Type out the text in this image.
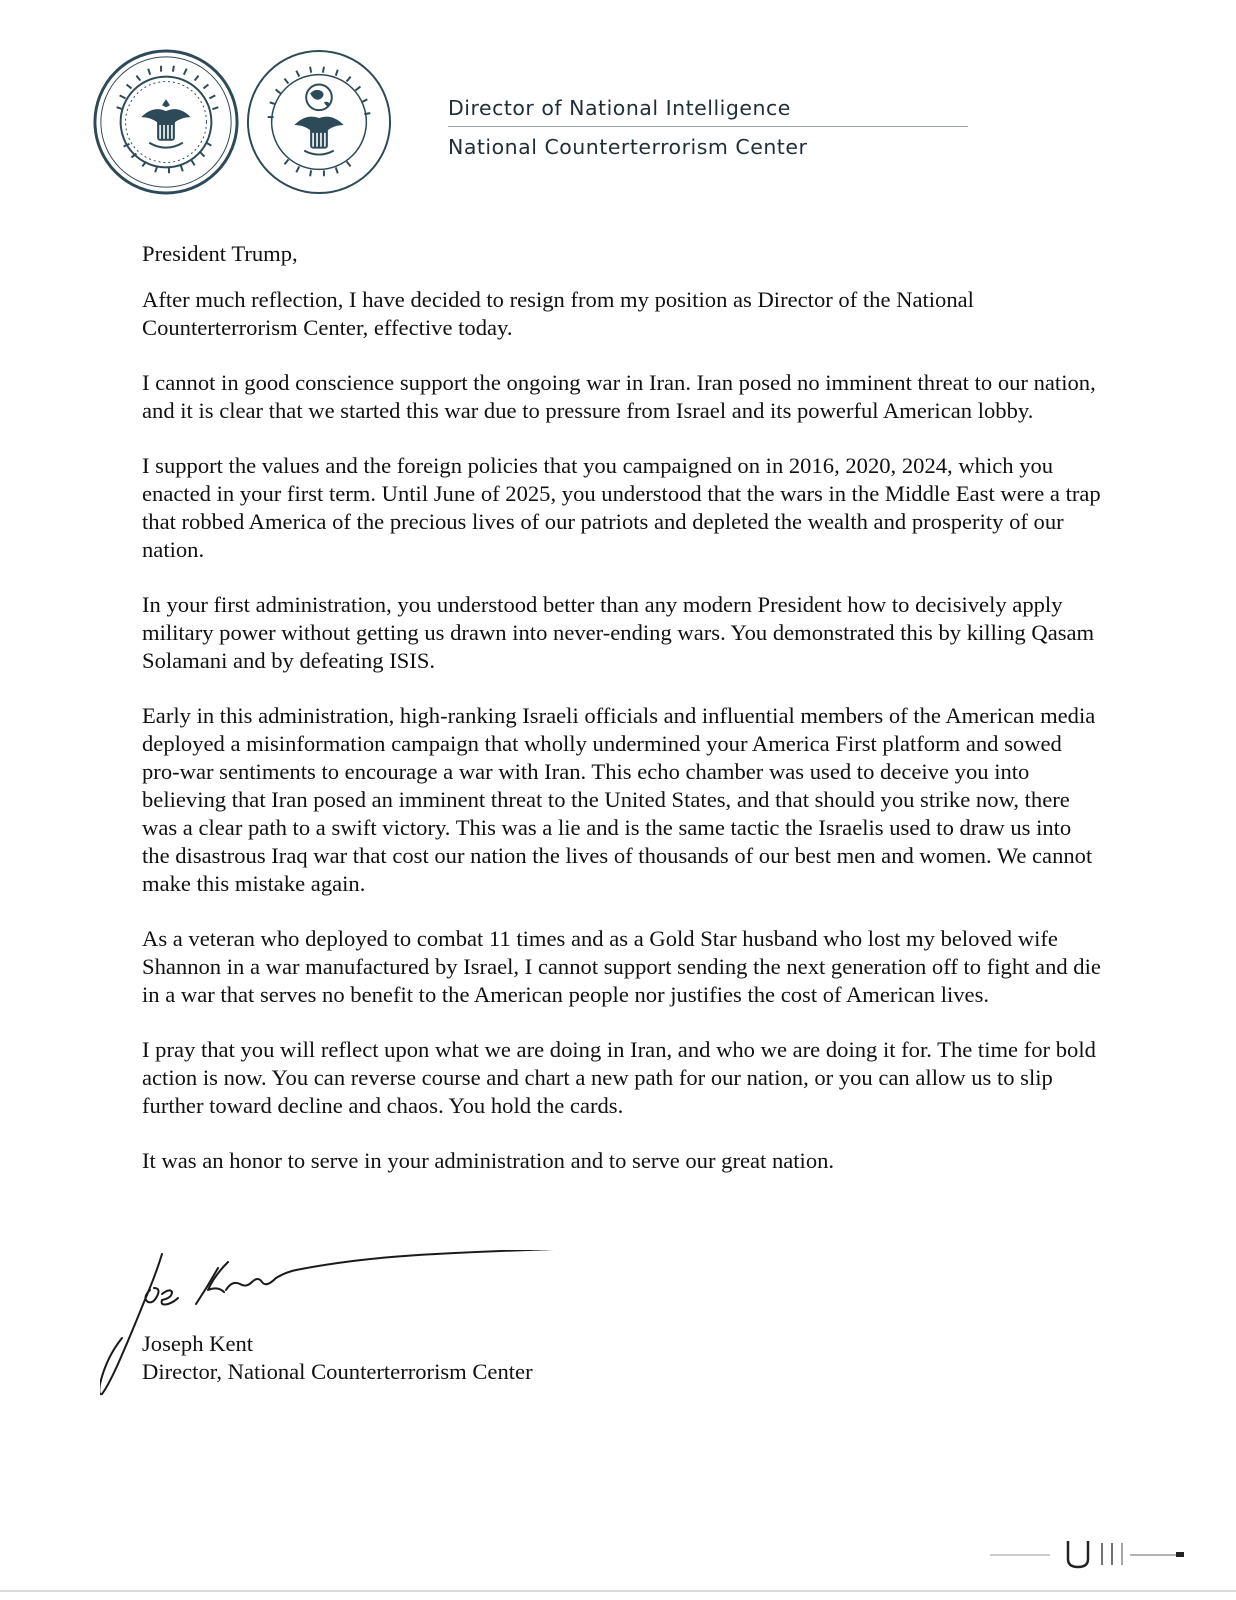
Director of National Intelligence
National Counterterrorism Center

President Trump,

After much reflection, I have decided to resign from my position as Director of the National Counterterrorism Center, effective today.

I cannot in good conscience support the ongoing war in Iran. Iran posed no imminent threat to our nation, and it is clear that we started this war due to pressure from Israel and its powerful American lobby.

I support the values and the foreign policies that you campaigned on in 2016, 2020, 2024, which you enacted in your first term. Until June of 2025, you understood that the wars in the Middle East were a trap that robbed America of the precious lives of our patriots and depleted the wealth and prosperity of our nation.

In your first administration, you understood better than any modern President how to decisively apply military power without getting us drawn into never-ending wars. You demonstrated this by killing Qasam Solamani and by defeating ISIS.

Early in this administration, high-ranking Israeli officials and influential members of the American media deployed a misinformation campaign that wholly undermined your America First platform and sowed pro-war sentiments to encourage a war with Iran. This echo chamber was used to deceive you into believing that Iran posed an imminent threat to the United States, and that should you strike now, there was a clear path to a swift victory. This was a lie and is the same tactic the Israelis used to draw us into the disastrous Iraq war that cost our nation the lives of thousands of our best men and women. We cannot make this mistake again.

As a veteran who deployed to combat 11 times and as a Gold Star husband who lost my beloved wife Shannon in a war manufactured by Israel, I cannot support sending the next generation off to fight and die in a war that serves no benefit to the American people nor justifies the cost of American lives.

I pray that you will reflect upon what we are doing in Iran, and who we are doing it for. The time for bold action is now. You can reverse course and chart a new path for our nation, or you can allow us to slip further toward decline and chaos. You hold the cards.

It was an honor to serve in your administration and to serve our great nation.

Joseph Kent
Director, National Counterterrorism Center
